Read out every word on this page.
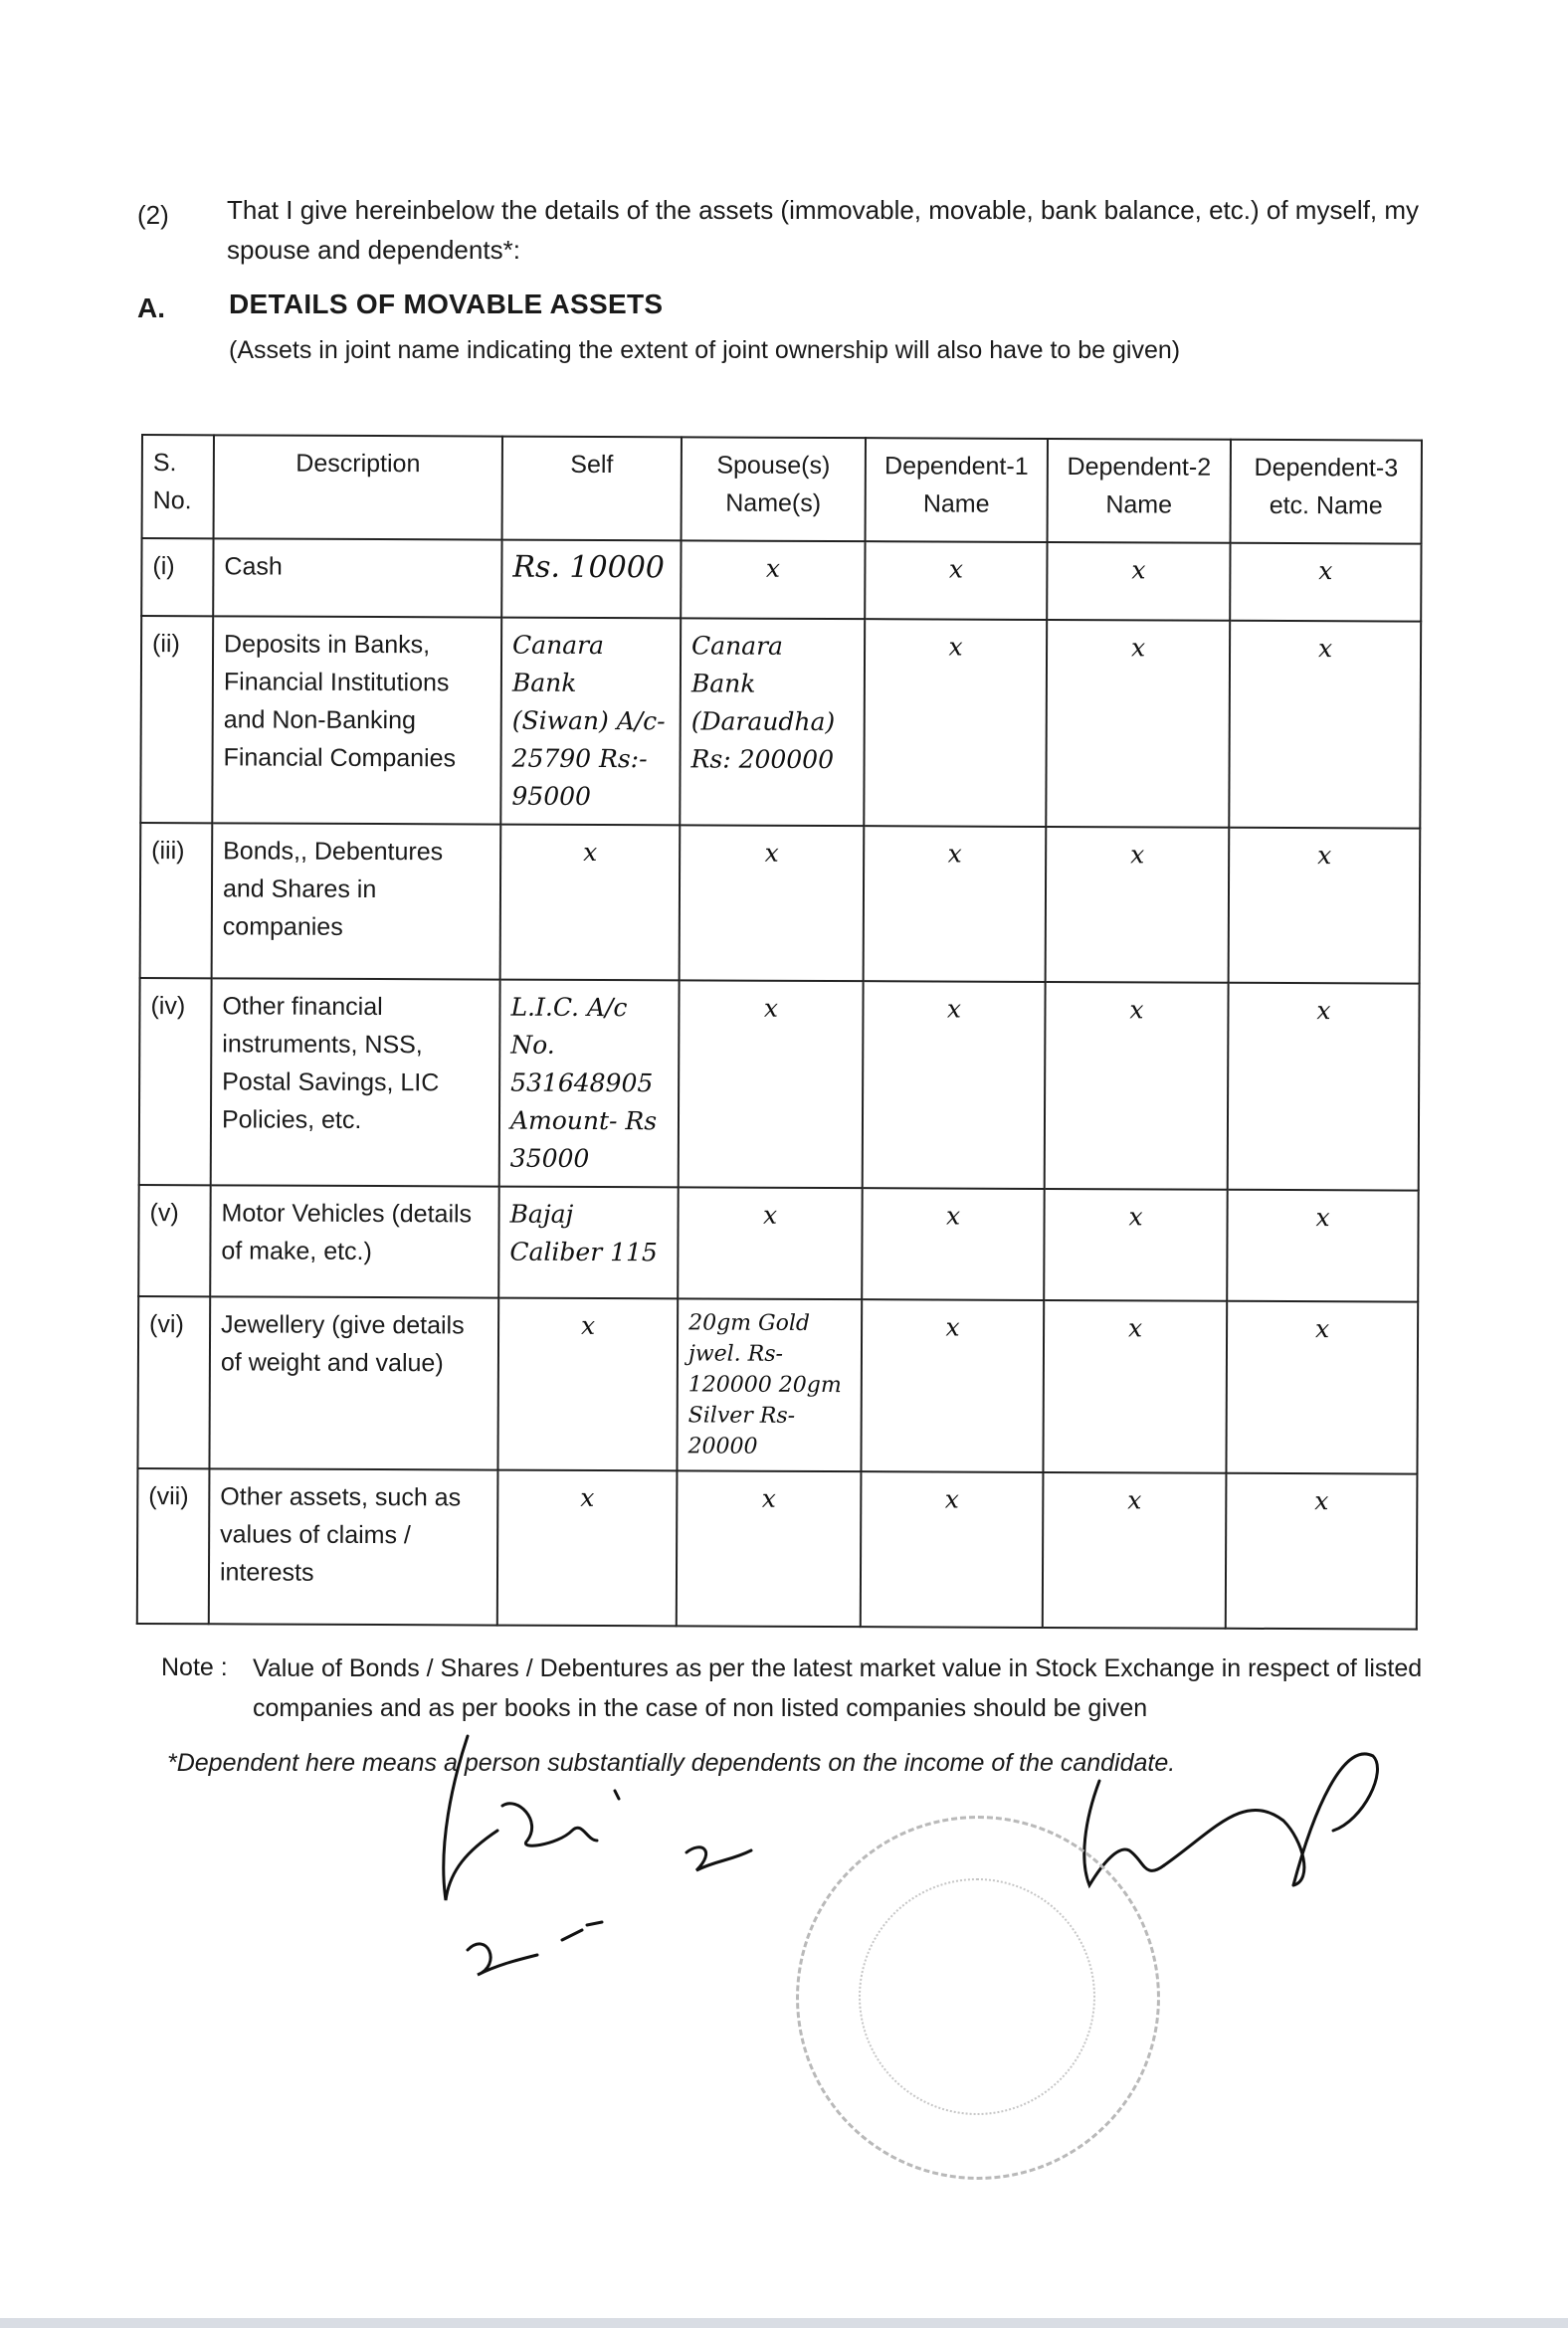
(2) That I give hereinbelow the details of the assets (immovable, movable, bank balance, etc.) of myself, my spouse and dependents*:
A. DETAILS OF MOVABLE ASSETS
(Assets in joint name indicating the extent of joint ownership will also have to be given)
S. No.	Description	Self	Spouse(s) Name(s)	Dependent-1 Name	Dependent-2 Name	Dependent-3 etc. Name
(i)	Cash	Rs. 10000	x	x	x	x
(ii)	Deposits in Banks, Financial Institutions and Non-Banking Financial Companies	Canara Bank (Siwan) A/c-25790 Rs:- 95000	Canara Bank (Daraudha) Rs: 200000	x	x	x
(iii)	Bonds,, Debentures and Shares in companies	x	x	x	x	x
(iv)	Other financial instruments, NSS, Postal Savings, LIC Policies, etc.	L.I.C. A/c No. 531648905 Amount- Rs 35000	x	x	x	x
(v)	Motor Vehicles (details of make, etc.)	Bajaj Caliber 115	x	x	x	x
(vi)	Jewellery (give details of weight and value)	x	20gm Gold jwel. Rs-120000 20gm Silver Rs- 20000	x	x	x
(vii)	Other assets, such as values of claims / interests	x	x	x	x	x
Note : Value of Bonds / Shares / Debentures as per the latest market value in Stock Exchange in respect of listed companies and as per books in the case of non listed companies should be given
*Dependent here means a person substantially dependents on the income of the candidate.
